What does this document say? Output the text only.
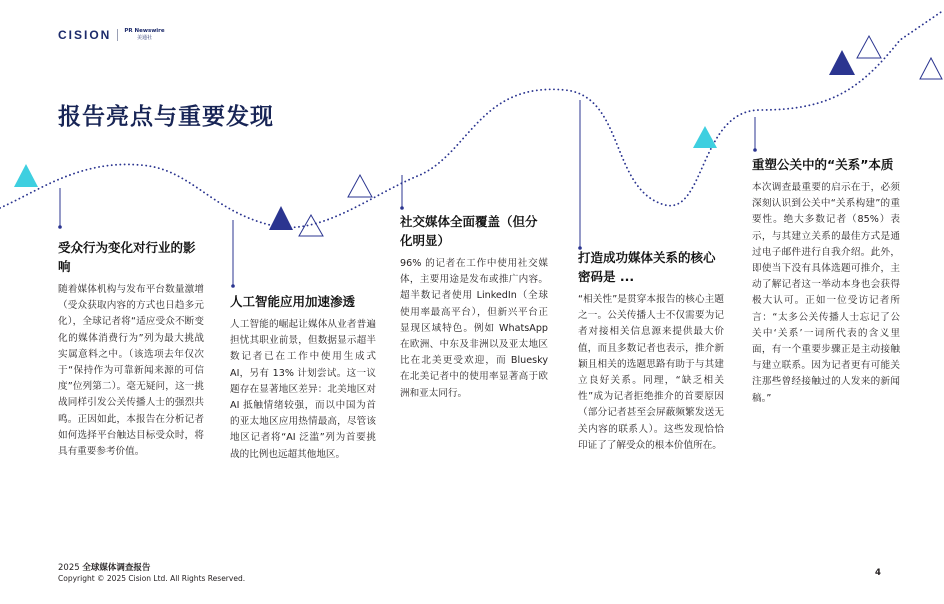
CISION PR Newswire
美通社
报告亮点与重要发现
受众行为变化对行业的影响

随着媒体机构与发布平台数量激增（受众获取内容的方式也日趋多元化），全球记者将“适应受众不断变化的媒体消费行为”列为最大挑战实属意料之中。（该选项去年仅次于“保持作为可靠新闻来源的可信度”位列第二）。毫无疑问，这一挑战同样引发公关传播人士的强烈共鸣。正因如此，本报告在分析记者如何选择平台触达目标受众时，将具有重要参考价值。

人工智能应用加速渗透

人工智能的崛起让媒体从业者普遍担忧其职业前景，但数据显示超半数记者已在工作中使用生成式 AI，另有 13% 计划尝试。这一议题存在显著地区差异：北美地区对 AI 抵触情绪较强，而以中国为首的亚太地区应用热情最高，尽管该地区记者将“AI 泛滥”列为首要挑战的比例也远超其他地区。

社交媒体全面覆盖（但分化明显）

96% 的记者在工作中使用社交媒体，主要用途是发布或推广内容。超半数记者使用 LinkedIn（全球使用率最高平台），但新兴平台正显现区域特色。例如 WhatsApp 在欧洲、中东及非洲以及亚太地区比在北美更受欢迎，而 Bluesky 在北美记者中的使用率显著高于欧洲和亚太同行。

打造成功媒体关系的核心密码是 ...

“相关性”是贯穿本报告的核心主题之一。公关传播人士不仅需要为记者对接相关信息源来提供最大价值，而且多数记者也表示，推介新颖且相关的选题思路有助于与其建立良好关系。同理，“缺乏相关性”成为记者拒绝推介的首要原因（部分记者甚至会屏蔽频繁发送无关内容的联系人）。这些发现恰恰印证了了解受众的根本价值所在。

重塑公关中的“关系”本质

本次调查最重要的启示在于，必须深刻认识到公关中“关系构建”的重要性。绝大多数记者（85%）表示，与其建立关系的最佳方式是通过电子邮件进行自我介绍。此外，即使当下没有具体选题可推介，主动了解记者这一举动本身也会获得极大认可。正如一位受访记者所言：“太多公关传播人士忘记了公关中‘关系’一词所代表的含义里面，有一个重要步骤正是主动接触与建立联系。因为记者更有可能关注那些曾经接触过的人发来的新闻稿。”

2025 全球媒体调查报告
Copyright © 2025 Cision Ltd. All Rights Reserved.
4
